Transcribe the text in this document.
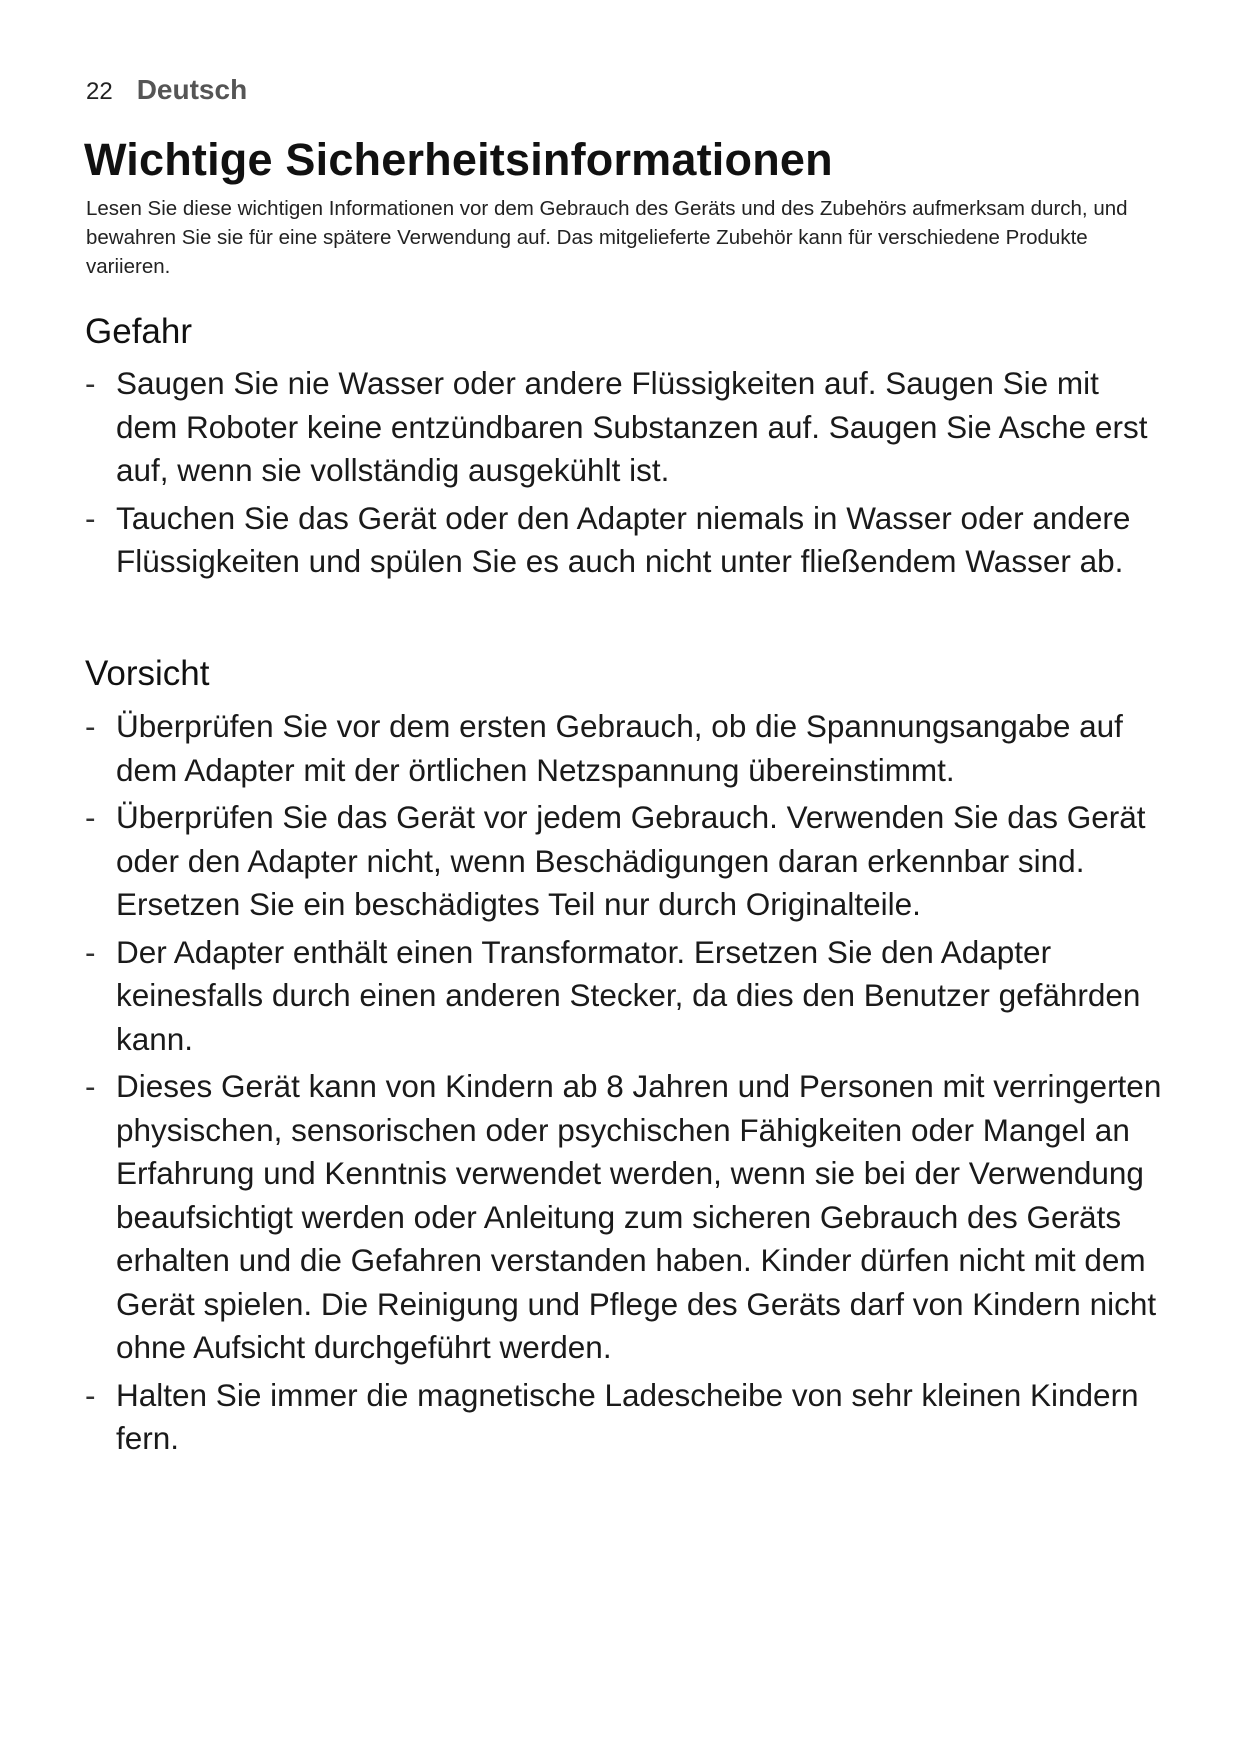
22 Deutsch
Wichtige Sicherheitsinformationen

Lesen Sie diese wichtigen Informationen vor dem Gebrauch des Geräts und des Zubehörs aufmerksam durch, und bewahren Sie sie für eine spätere Verwendung auf. Das mitgelieferte Zubehör kann für verschiedene Produkte variieren.

Gefahr
- Saugen Sie nie Wasser oder andere Flüssigkeiten auf. Saugen Sie mit dem Roboter keine entzündbaren Substanzen auf. Saugen Sie Asche erst auf, wenn sie vollständig ausgekühlt ist.
- Tauchen Sie das Gerät oder den Adapter niemals in Wasser oder andere Flüssigkeiten und spülen Sie es auch nicht unter fließendem Wasser ab.
Vorsicht
- Überprüfen Sie vor dem ersten Gebrauch, ob die Spannungsangabe auf dem Adapter mit der örtlichen Netzspannung übereinstimmt.
- Überprüfen Sie das Gerät vor jedem Gebrauch. Verwenden Sie das Gerät oder den Adapter nicht, wenn Beschädigungen daran erkennbar sind. Ersetzen Sie ein beschädigtes Teil nur durch Originalteile.
- Der Adapter enthält einen Transformator. Ersetzen Sie den Adapter keinesfalls durch einen anderen Stecker, da dies den Benutzer gefährden kann.
- Dieses Gerät kann von Kindern ab 8 Jahren und Personen mit verringerten physischen, sensorischen oder psychischen Fähigkeiten oder Mangel an Erfahrung und Kenntnis verwendet werden, wenn sie bei der Verwendung beaufsichtigt werden oder Anleitung zum sicheren Gebrauch des Geräts erhalten und die Gefahren verstanden haben. Kinder dürfen nicht mit dem Gerät spielen. Die Reinigung und Pflege des Geräts darf von Kindern nicht ohne Aufsicht durchgeführt werden.
- Halten Sie immer die magnetische Ladescheibe von sehr kleinen Kindern fern.
